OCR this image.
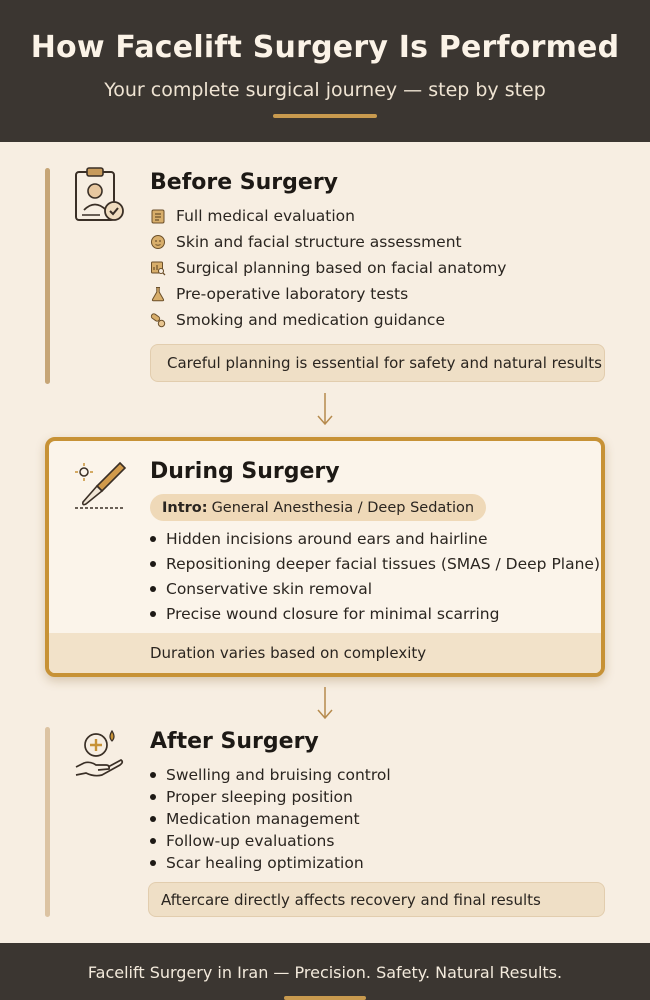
How Facelift Surgery Is Performed
Your complete surgical journey — step by step
Before Surgery
Full medical evaluation
Skin and facial structure assessment
Surgical planning based on facial anatomy
Pre-operative laboratory tests
Smoking and medication guidance
Careful planning is essential for safety and natural results
Duration varies based on complexity
During Surgery
Intro: General Anesthesia / Deep Sedation
Hidden incisions around ears and hairline
Repositioning deeper facial tissues (SMAS / Deep Plane)
Conservative skin removal
Precise wound closure for minimal scarring
After Surgery
Swelling and bruising control
Proper sleeping position
Medication management
Follow-up evaluations
Scar healing optimization
Aftercare directly affects recovery and final results
Facelift Surgery in Iran — Precision. Safety. Natural Results.
